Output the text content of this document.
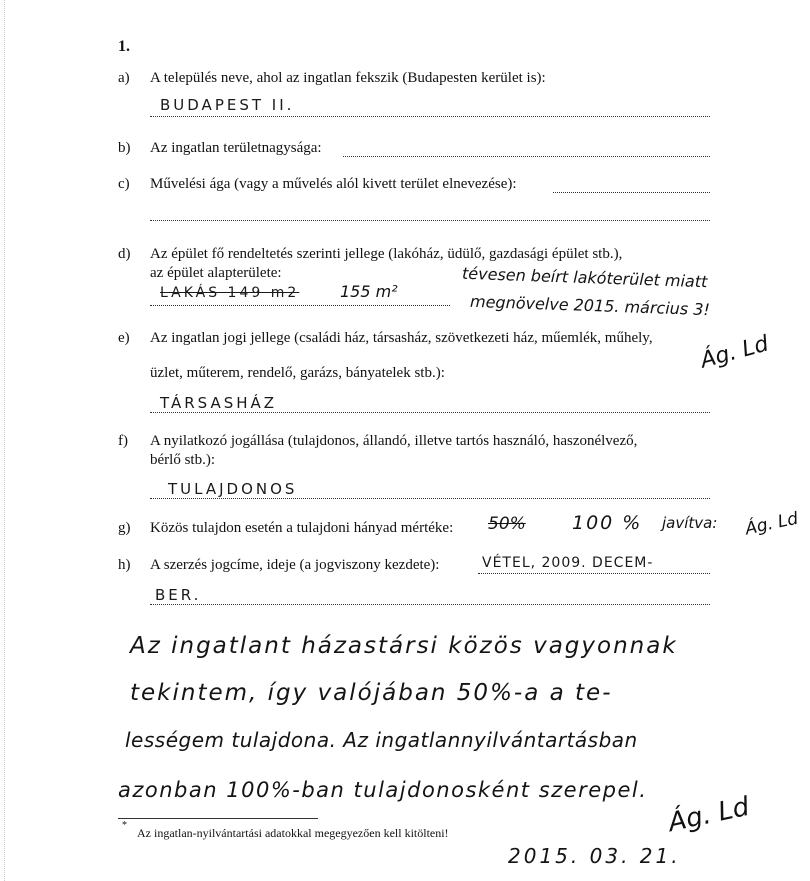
1.
a) A település neve, ahol az ingatlan fekszik (Budapesten kerület is):
BUDAPEST II.
b) Az ingatlan területnagysága:
c) Művelési ága (vagy a művelés alól kivett terület elnevezése):
d) Az épület fő rendeltetés szerinti jellege (lakóház, üdülő, gazdasági épület stb.),
az épület alapterülete:
LAKÁS 149 m2	155 m²
tévesen beírt lakóterület miatt
megnövelve 2015. március 3!
e) Az ingatlan jogi jellege (családi ház, társasház, szövetkezeti ház, műemlék, műhely,
üzlet, műterem, rendelő, garázs, bányatelek stb.):
TÁRSASHÁZ
Ág. Ld
f) A nyilatkozó jogállása (tulajdonos, állandó, illetve tartós használó, haszonélvező,
bérlő stb.):
TULAJDONOS
g) Közös tulajdon esetén a tulajdoni hányad mértéke: 50% 100 % javítva: Ág. Ld
h) A szerzés jogcíme, ideje (a jogviszony kezdete):	VÉTEL, 2009. DECEM-
BER.
Az ingatlant házastársi közös vagyonnak
tekintem, így valójában 50%-a a te-
lességem tulajdona. Az ingatlannyilvántartásban
azonban 100%-ban tulajdonosként szerepel.
*
Az ingatlan-nyilvántartási adatokkal megegyezően kell kitölteni!	Ág. Ld
2015. 03. 21.
